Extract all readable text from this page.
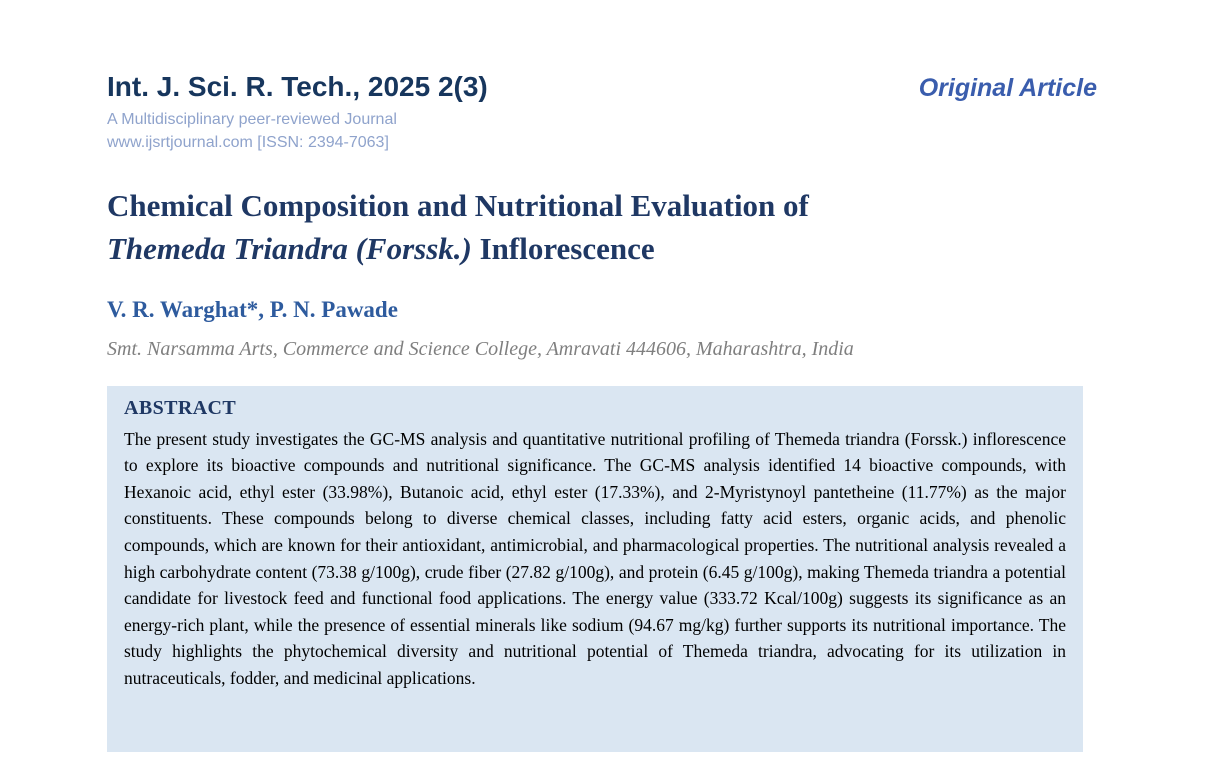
Int. J. Sci. R. Tech., 2025 2(3)
A Multidisciplinary peer-reviewed Journal
www.ijsrtjournal.com [ISSN: 2394-7063]
Original Article
Chemical Composition and Nutritional Evaluation of
Themeda Triandra (Forssk.) Inflorescence
V. R. Warghat*, P. N. Pawade
Smt. Narsamma Arts, Commerce and Science College, Amravati 444606, Maharashtra, India
ABSTRACT
The present study investigates the GC-MS analysis and quantitative nutritional profiling of Themeda triandra (Forssk.) inflorescence to explore its bioactive compounds and nutritional significance. The GC-MS analysis identified 14 bioactive compounds, with Hexanoic acid, ethyl ester (33.98%), Butanoic acid, ethyl ester (17.33%), and 2-Myristynoyl pantetheine (11.77%) as the major constituents. These compounds belong to diverse chemical classes, including fatty acid esters, organic acids, and phenolic compounds, which are known for their antioxidant, antimicrobial, and pharmacological properties. The nutritional analysis revealed a high carbohydrate content (73.38 g/100g), crude fiber (27.82 g/100g), and protein (6.45 g/100g), making Themeda triandra a potential candidate for livestock feed and functional food applications. The energy value (333.72 Kcal/100g) suggests its significance as an energy-rich plant, while the presence of essential minerals like sodium (94.67 mg/kg) further supports its nutritional importance. The study highlights the phytochemical diversity and nutritional potential of Themeda triandra, advocating for its utilization in nutraceuticals, fodder, and medicinal applications.
